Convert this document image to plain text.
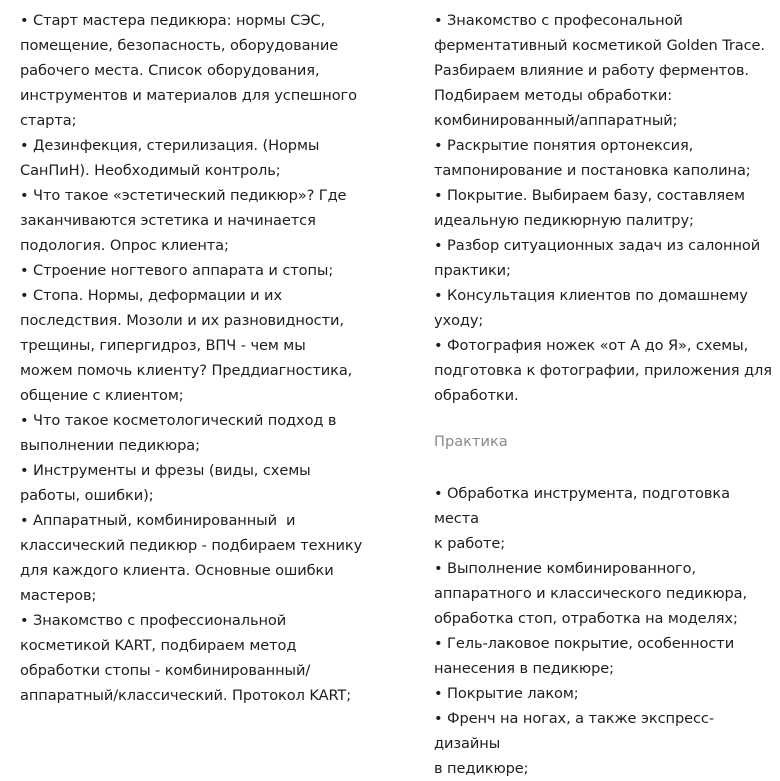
• Старт мастера педикюра: нормы СЭС,
помещение, безопасность, оборудование
рабочего места. Список оборудования,
инструментов и материалов для успешного
старта;
• Дезинфекция, стерилизация. (Нормы
СанПиН). Необходимый контроль;
• Что такое «эстетический педикюр»? Где
заканчиваются эстетика и начинается
подология. Опрос клиента;
• Строение ногтевого аппарата и стопы;
• Стопа. Нормы, деформации и их
последствия. Мозоли и их разновидности,
трещины, гипергидроз, ВПЧ - чем мы
можем помочь клиенту? Преддиагностика,
общение с клиентом;
• Что такое косметологический подход в
выполнении педикюра;
• Инструменты и фрезы (виды, схемы
работы, ошибки);
• Аппаратный, комбинированный  и
классический педикюр - подбираем технику
для каждого клиента. Основные ошибки
мастеров;
• Знакомство с профессиональной
косметикой KART, подбираем метод
обработки стопы - комбинированный/
аппаратный/классический. Протокол KART;

• Знакомство с професональной
ферментативный косметикой Golden Trace.
Разбираем влияние и работу ферментов.
Подбираем методы обработки:
комбинированный/аппаратный;
• Раскрытие понятия ортонексия,
тампонирование и постановка каполина;
• Покрытие. Выбираем базу, составляем
идеальную педикюрную палитру;
• Разбор ситуационных задач из салонной
практики;
• Консультация клиентов по домашнему
уходу;
• Фотография ножек «от А до Я», схемы,
подготовка к фотографии, приложения для
обработки.

Практика

• Обработка инструмента, подготовка места
к работе;
• Выполнение комбинированного,
аппаратного и классического педикюра,
обработка стоп, отработка на моделях;
• Гель-лаковое покрытие, особенности
нанесения в педикюре;
• Покрытие лаком;
• Френч на ногах, а также экспресс-дизайны
в педикюре;
